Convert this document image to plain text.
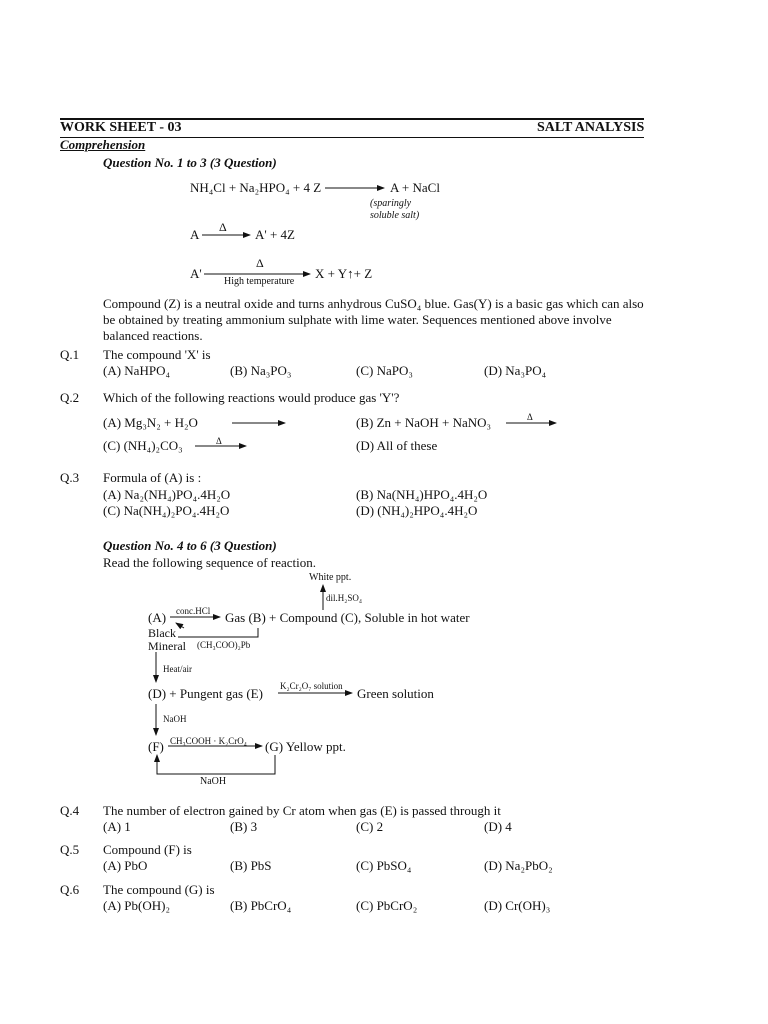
WORK SHEET - 03	SALT ANALYSIS
Comprehension
Question No. 1 to 3 (3 Question)
NH₄Cl + Na₂HPO₄ + 4 Z	A + NaCl
(sparingly
soluble salt)
A Δ A' + 4Z
A'
Δ
High temperature
X + Y↑+ Z
Compound (Z) is a neutral oxide and turns anhydrous CuSO₄ blue. Gas(Y) is a basic gas which can also be obtained by treating ammonium sulphate with lime water. Sequences mentioned above involve balanced reactions.
Q.1 The compound 'X' is
(A) NaHPO₄	(B) Na₃PO₃	(C) NaPO₃	(D) Na₃PO₄
Q.2 Which of the following reactions would produce gas 'Y'?
(A) Mg₃N₂ + H₂O	(B) Zn + NaOH + NaNO₃	Δ
(C) (NH₄)₂CO₃	Δ	(D) All of these
Q.3 Formula of (A) is :
(A) Na₂(NH₄)PO₄.4H₂O	(B) Na(NH₄)HPO₄.4H₂O
(C) Na(NH₄)₂PO₄.4H₂O	(D) (NH₄)₂HPO₄.4H₂O
Question No. 4 to 6 (3 Question)
Read the following sequence of reaction.
White ppt.
dil.H₂SO₄
(A) conc.HCl Gas (B) + Compound (C), Soluble in hot water
Black
Mineral (CH₃COO)₂Pb
Heat/air
(D) + Pungent gas (E) K₂Cr₂O₇ solution Green solution
NaOH
(F) CH₃COOH · K₂CrO₄ (G) Yellow ppt.
NaOH
Q.4 The number of electron gained by Cr atom when gas (E) is passed through it
(A) 1	(B) 3	(C) 2	(D) 4
Q.5 Compound (F) is
(A) PbO	(B) PbS	(C) PbSO₄	(D) Na₂PbO₂
Q.6 The compound (G) is
(A) Pb(OH)₂	(B) PbCrO₄	(C) PbCrO₂	(D) Cr(OH)₃
